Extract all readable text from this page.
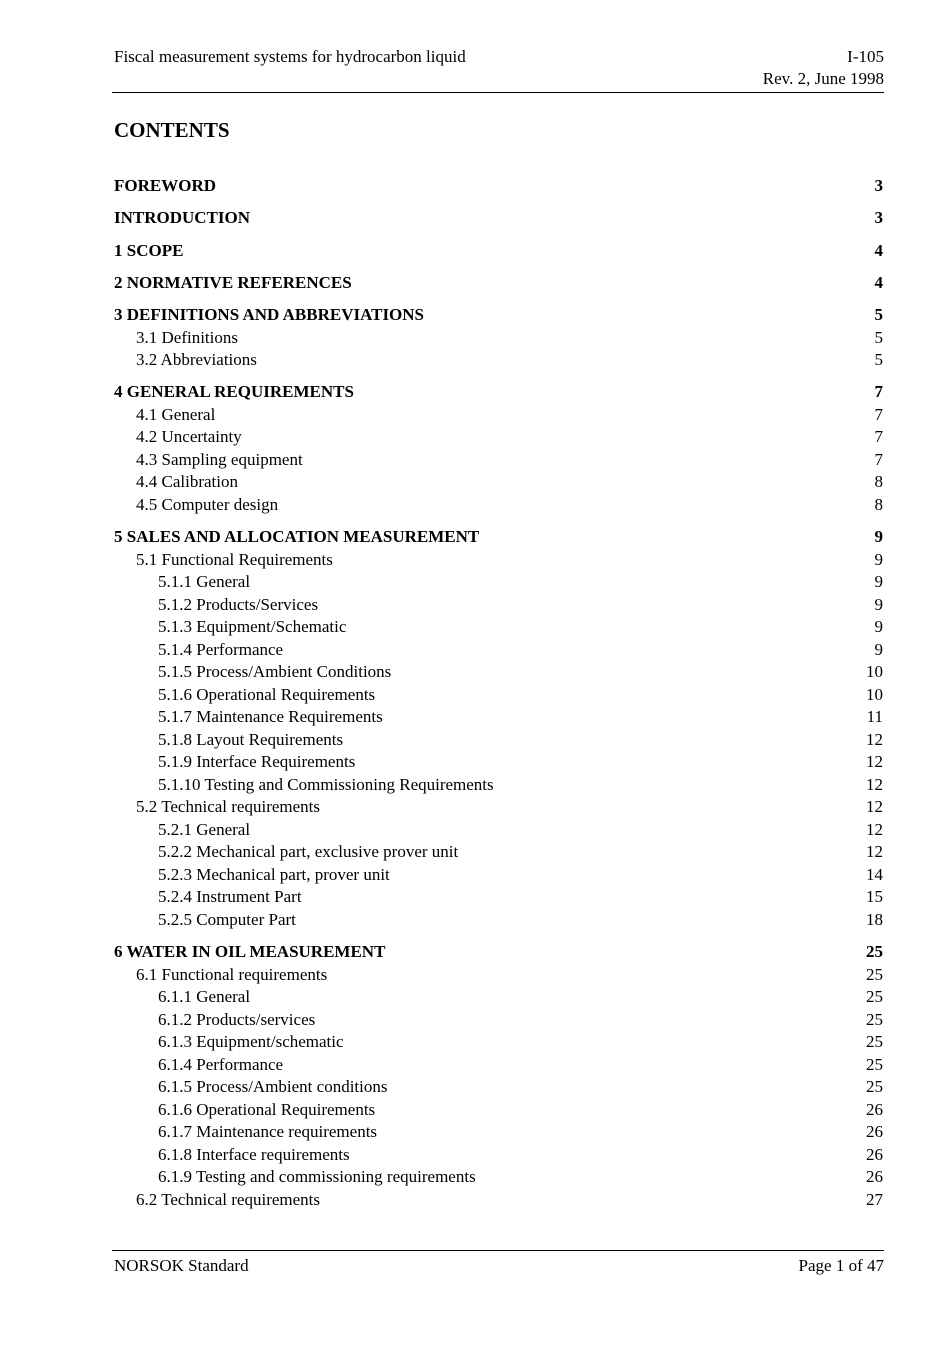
Fiscal measurement systems for hydrocarbon liquid	I-105
Rev. 2, June 1998
CONTENTS
FOREWORD	3
INTRODUCTION	3
1 SCOPE	4
2 NORMATIVE REFERENCES	4
3 DEFINITIONS AND ABBREVIATIONS	5
3.1 Definitions	5
3.2 Abbreviations	5
4 GENERAL REQUIREMENTS	7
4.1 General	7
4.2 Uncertainty	7
4.3 Sampling equipment	7
4.4 Calibration	8
4.5 Computer design	8
5 SALES AND ALLOCATION MEASUREMENT	9
5.1 Functional Requirements	9
5.1.1 General	9
5.1.2 Products/Services	9
5.1.3 Equipment/Schematic	9
5.1.4 Performance	9
5.1.5 Process/Ambient Conditions	10
5.1.6 Operational Requirements	10
5.1.7 Maintenance Requirements	11
5.1.8 Layout Requirements	12
5.1.9 Interface Requirements	12
5.1.10 Testing and Commissioning Requirements	12
5.2 Technical requirements	12
5.2.1 General	12
5.2.2 Mechanical part, exclusive prover unit	12
5.2.3 Mechanical part, prover unit	14
5.2.4 Instrument Part	15
5.2.5 Computer Part	18
6 WATER IN OIL MEASUREMENT	25
6.1 Functional requirements	25
6.1.1 General	25
6.1.2 Products/services	25
6.1.3 Equipment/schematic	25
6.1.4 Performance	25
6.1.5 Process/Ambient conditions	25
6.1.6 Operational Requirements	26
6.1.7 Maintenance requirements	26
6.1.8 Interface requirements	26
6.1.9 Testing and commissioning requirements	26
6.2 Technical requirements	27
NORSOK Standard	Page 1 of 47
